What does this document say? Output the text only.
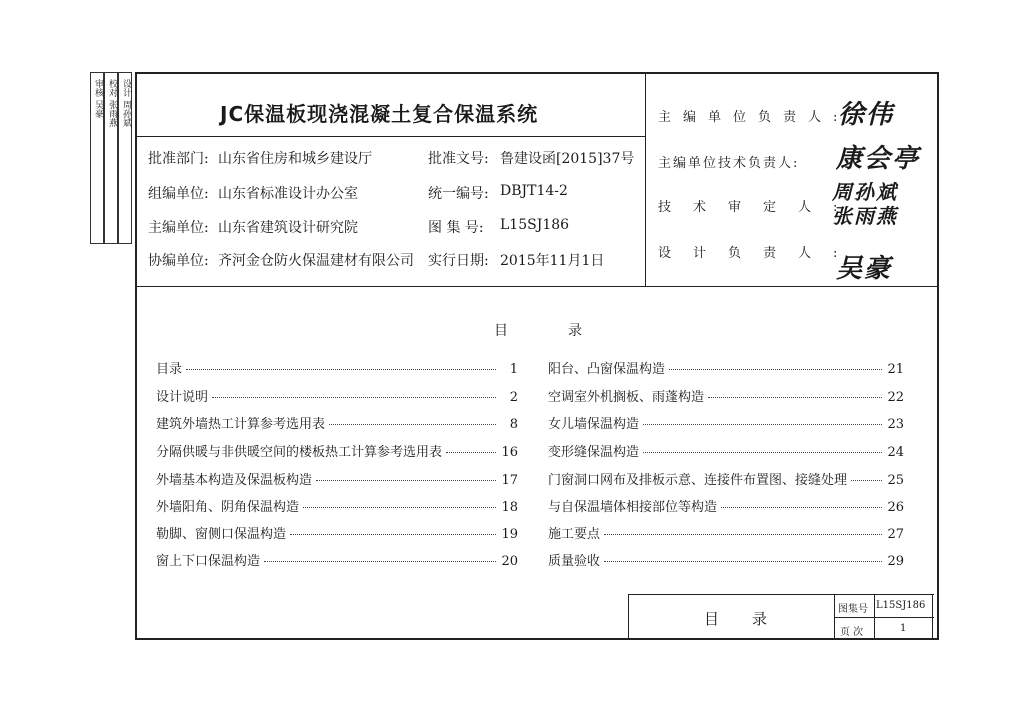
审核 吴豪 校对 张雨燕 设计 周孙斌	JC保温板现浇混凝土复合保温系统
批准部门: 山东省住房和城乡建设厅	批准文号: 鲁建设函[2015]37号
组编单位: 山东省标准设计办公室	统一编号: DBJT14-2
主编单位: 山东省建筑设计研究院	图 集 号: L15SJ186
协编单位: 齐河金仓防火保温建材有限公司 实行日期: 2015年11月1日
主编单位负责人:
徐伟
主编单位技术负责人: 康会亭
技术审定人:
周孙斌 张雨燕
设计负责人:
吴豪
目	录
目录	1
设计说明	2
建筑外墙热工计算参考选用表	8
分隔供暖与非供暖空间的楼板热工计算参考选用表	16
外墙基本构造及保温板构造	17
外墙阳角、阴角保温构造	18
勒脚、窗侧口保温构造	19
窗上下口保温构造	20
阳台、凸窗保温构造	21
空调室外机搁板、雨蓬构造	22
女儿墙保温构造	23
变形缝保温构造	24
门窗洞口网布及排板示意、连接件布置图、接缝处理	25
与自保温墙体相接部位等构造	26
施工要点	27
质量验收	29
目 录
图集号 L15SJ186
页 次	1
